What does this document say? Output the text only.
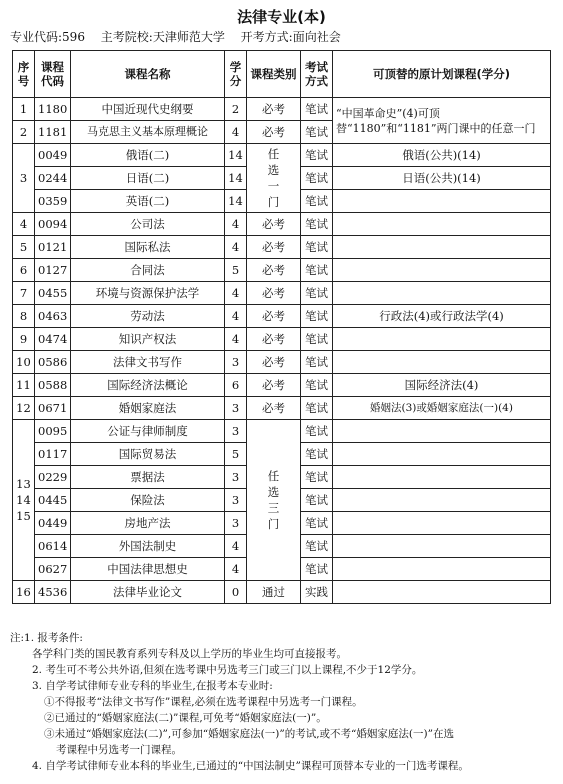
法律专业(本)
专业代码:596 主考院校:天津师范大学 开考方式:面向社会
序号	课程代码	课程名称	学分	课程类别	考试方式	可顶替的原计划课程(学分)
1	1180	中国近现代史纲要	2	必考	笔试	“中国革命史”(4)可顶替“1180”和“1181”两门课中的任意一门
2	1181	马克思主义基本原理概论	4	必考	笔试	
3	0049	俄语(二)	14	任选一门	笔试	俄语(公共)(14)
	0244	日语(二)	14		笔试	日语(公共)(14)
	0359	英语(二)	14		笔试	
4	0094	公司法	4	必考	笔试	
5	0121	国际私法	4	必考	笔试	
6	0127	合同法	5	必考	笔试	
7	0455	环境与资源保护法学	4	必考	笔试	
8	0463	劳动法	4	必考	笔试	行政法(4)或行政法学(4)
9	0474	知识产权法	4	必考	笔试	
10	0586	法律文书写作	3	必考	笔试	
11	0588	国际经济法概论	6	必考	笔试	国际经济法(4)
12	0671	婚姻家庭法	3	必考	笔试	婚姻法(3)或婚姻家庭法(一)(4)
13 14 15	0095	公证与律师制度	3	任选三门	笔试	
	0117	国际贸易法	5		笔试	
	0229	票据法	3		笔试	
	0445	保险法	3		笔试	
	0449	房地产法	3		笔试	
	0614	外国法制史	4		笔试	
	0627	中国法律思想史	4		笔试	
16	4536	法律毕业论文	0	通过	实践	
注:1. 报考条件:
各学科门类的国民教育系列专科及以上学历的毕业生均可直接报考。
2. 考生可不考公共外语,但须在选考课中另选考三门或三门以上课程,不少于12学分。
3. 自学考试律师专业专科的毕业生,在报考本专业时:
①不得报考“法律文书写作”课程,必须在选考课程中另选考一门课程。
②已通过的“婚姻家庭法(二)”课程,可免考“婚姻家庭法(一)”。
③未通过“婚姻家庭法(二)”,可参加“婚姻家庭法(一)”的考试,或不考“婚姻家庭法(一)”在选
考课程中另选考一门课程。
4. 自学考试律师专业本科的毕业生,已通过的“中国法制史”课程可顶替本专业的一门选考课程。
